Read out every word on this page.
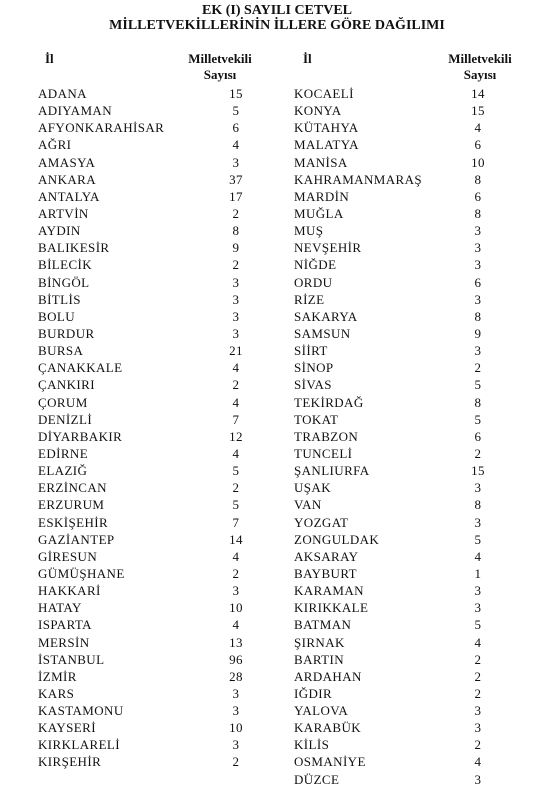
EK (I) SAYILI CETVEL
MİLLETVEKİLLERİNİN İLLERE GÖRE DAĞILIMI
İl	Milletvekili
Sayısı
İl	Milletvekili
Sayısı
ADANA	15
ADIYAMAN	5
AFYONKARAHİSAR	6
AĞRI	4
AMASYA	3
ANKARA	37
ANTALYA	17
ARTVİN	2
AYDIN	8
BALIKESİR	9
BİLECİK	2
BİNGÖL	3
BİTLİS	3
BOLU	3
BURDUR	3
BURSA	21
ÇANAKKALE	4
ÇANKIRI	2
ÇORUM	4
DENİZLİ	7
DİYARBAKIR	12
EDİRNE	4
ELAZIĞ	5
ERZİNCAN	2
ERZURUM	5
ESKİŞEHİR	7
GAZİANTEP	14
GİRESUN	4
GÜMÜŞHANE	2
HAKKARİ	3
HATAY	10
ISPARTA	4
MERSİN	13
İSTANBUL	96
İZMİR	28
KARS	3
KASTAMONU	3
KAYSERİ	10
KIRKLARELİ	3
KIRŞEHİR	2
KOCAELİ	14
KONYA	15
KÜTAHYA	4
MALATYA	6
MANİSA	10
KAHRAMANMARAŞ	8
MARDİN	6
MUĞLA	8
MUŞ	3
NEVŞEHİR	3
NİĞDE	3
ORDU	6
RİZE	3
SAKARYA	8
SAMSUN	9
SİİRT	3
SİNOP	2
SİVAS	5
TEKİRDAĞ	8
TOKAT	5
TRABZON	6
TUNCELİ	2
ŞANLIURFA	15
UŞAK	3
VAN	8
YOZGAT	3
ZONGULDAK	5
AKSARAY	4
BAYBURT	1
KARAMAN	3
KIRIKKALE	3
BATMAN	5
ŞIRNAK	4
BARTIN	2
ARDAHAN	2
IĞDIR	2
YALOVA	3
KARABÜK	3
KİLİS	2
OSMANİYE	4
DÜZCE	3
